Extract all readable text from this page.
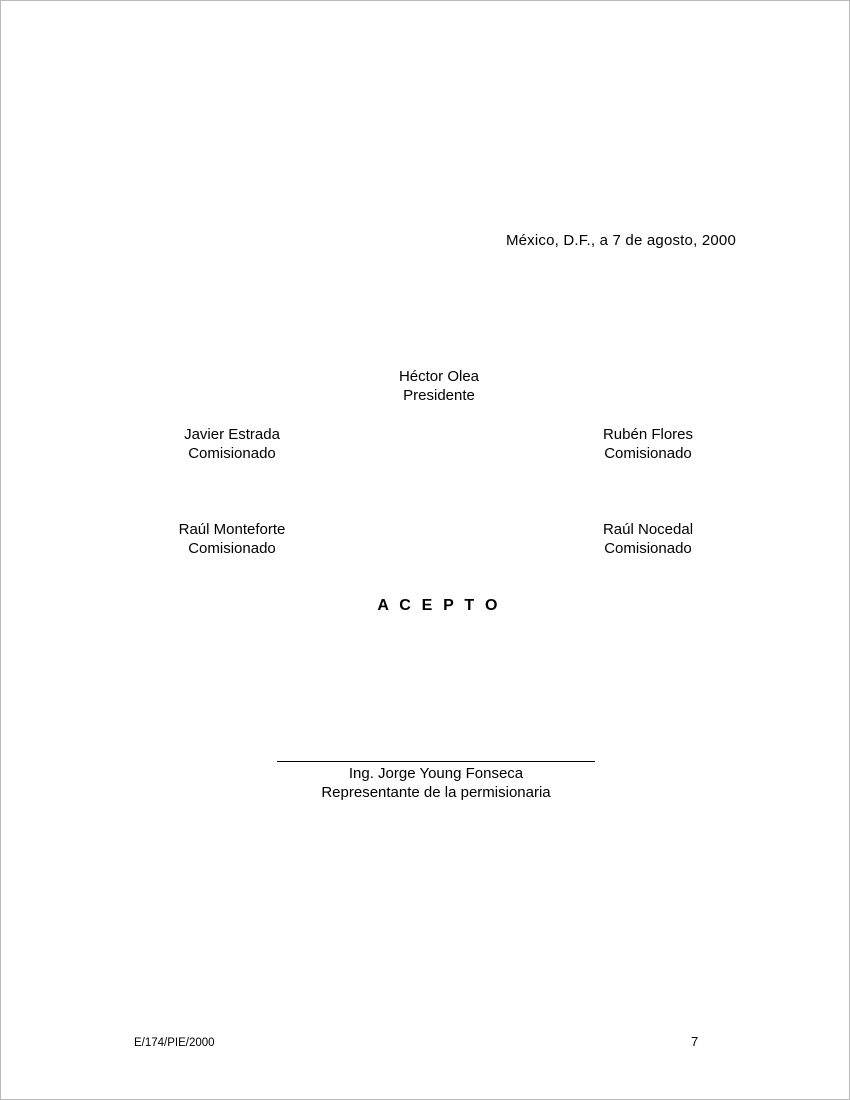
México, D.F., a 7 de agosto, 2000
Héctor Olea
Presidente
Javier Estrada
Comisionado
Rubén Flores
Comisionado
Raúl Monteforte
Comisionado
Raúl Nocedal
Comisionado
A C E P T O
Ing. Jorge Young Fonseca
Representante de la permisionaria
E/174/PIE/2000	7
